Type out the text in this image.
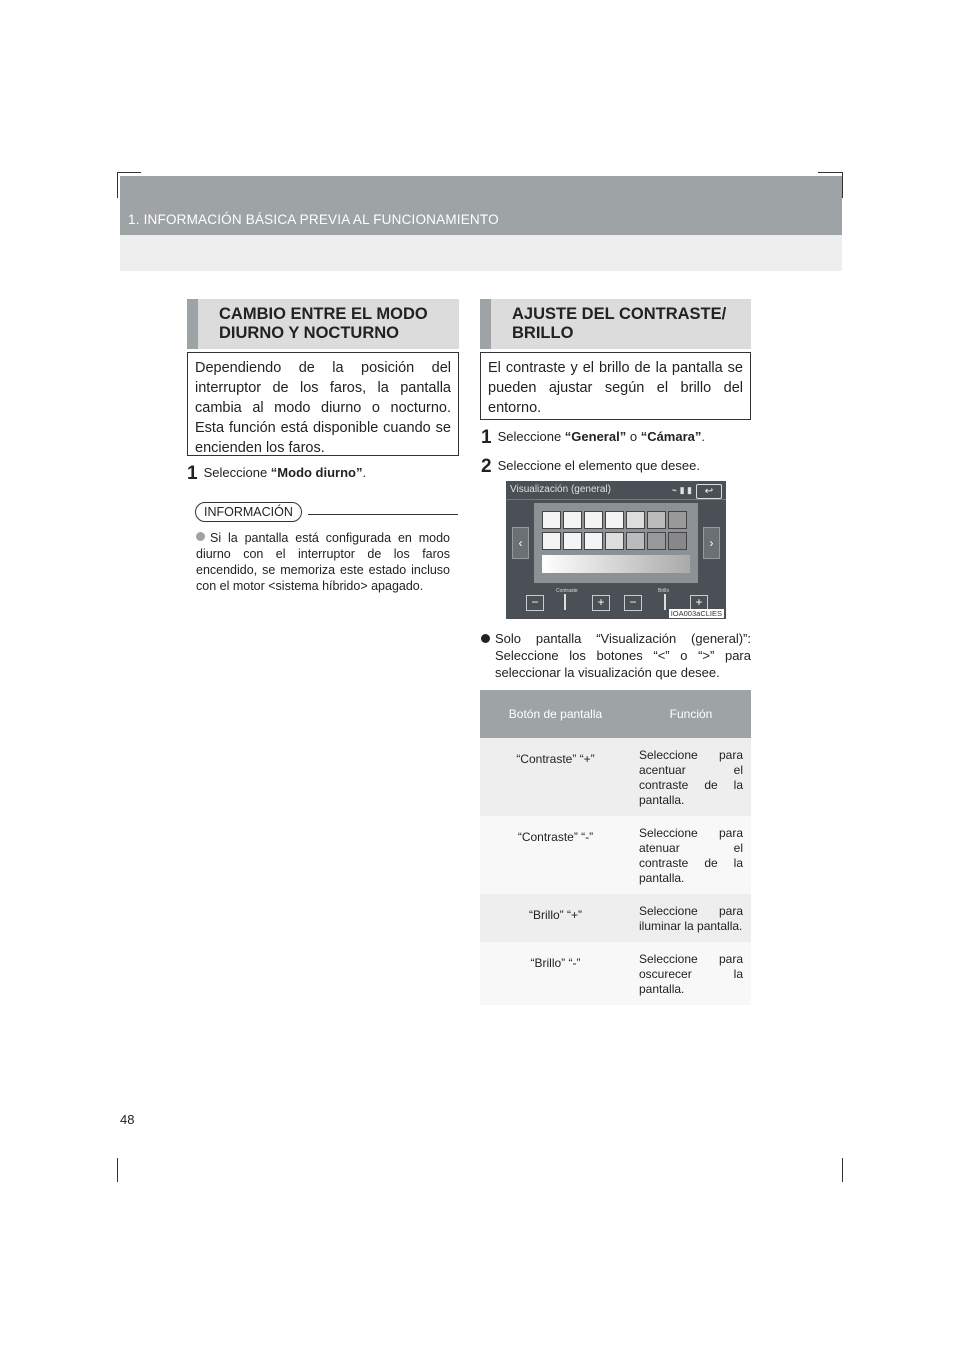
1. INFORMACIÓN BÁSICA PREVIA AL FUNCIONAMIENTO
CAMBIO ENTRE EL MODO DIURNO Y NOCTURNO
Dependiendo de la posición del interruptor de los faros, la pantalla cambia al modo diurno o nocturno. Esta función está disponible cuando se encienden los faros.
1 Seleccione “Modo diurno”.
INFORMACIÓN
Si la pantalla está configurada en modo diurno con el interruptor de los faros encendido, se memoriza este estado incluso con el motor <sistema híbrido> apagado.
AJUSTE DEL CONTRASTE/ BRILLO
El contraste y el brillo de la pantalla se pueden ajustar según el brillo del entorno.
1 Seleccione “General” o “Cámara”.
2 Seleccione el elemento que desee.
Visualización (general)	⌁ ▮ ▮	↩
‹	›
Contraste	Brillo
−	+	−	+
IOA003aCLIES
Solo pantalla “Visualización (general)”: Seleccione los botones “<” o “>” para seleccionar la visualización que desee.
Botón de pantalla	Función
“Contraste” “+”	Seleccione para acentuar el contraste de la pantalla.
“Contraste” “-”	Seleccione para atenuar el contraste de la pantalla.
“Brillo” “+”	Seleccione para iluminar la pantalla.
“Brillo” “-”	Seleccione para oscurecer la pantalla.
48
